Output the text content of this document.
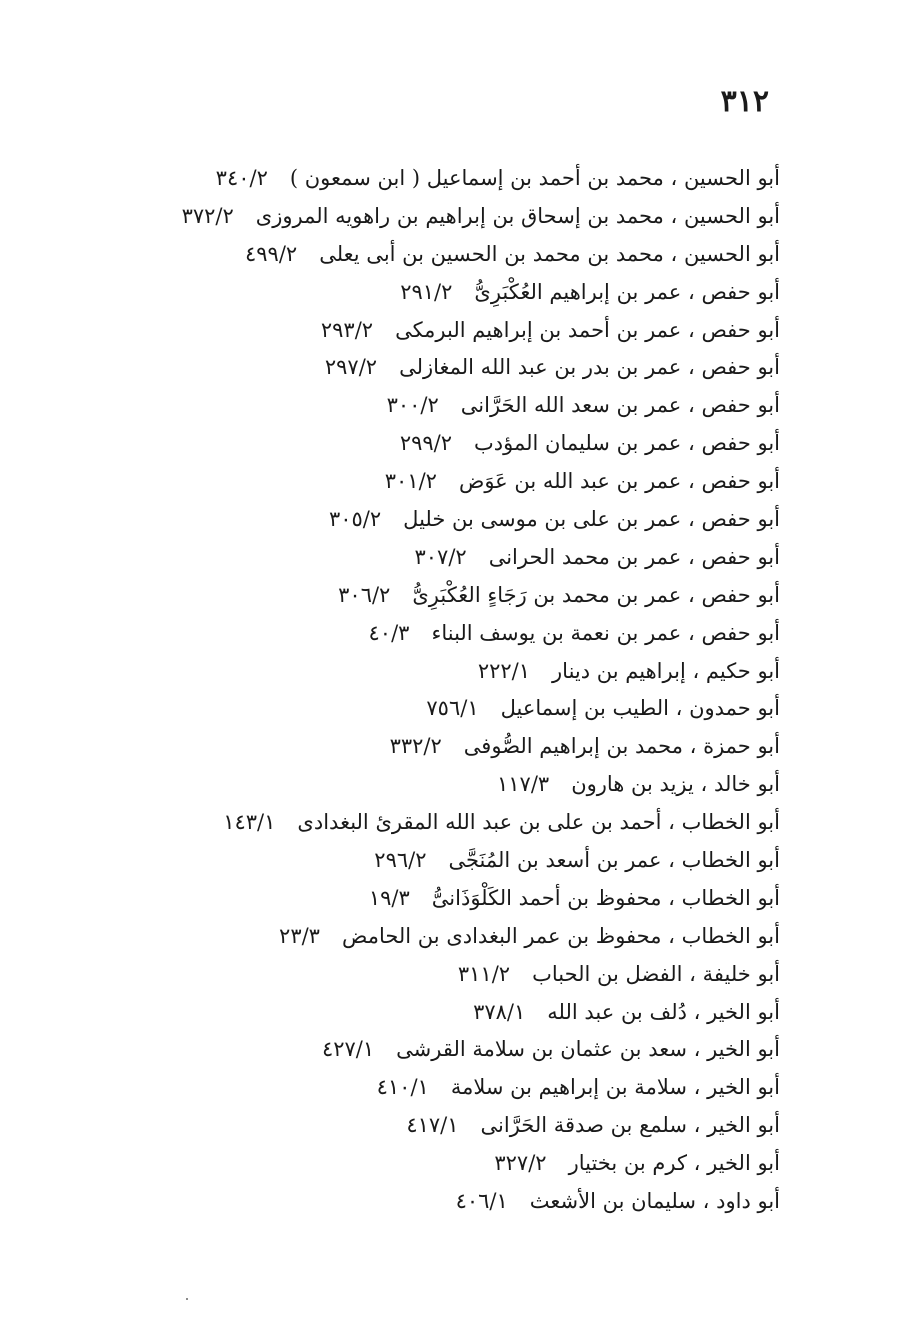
٣١٢
أبو الحسين ، محمد بن أحمد بن إسماعيل ( ابن سمعون )٣٤٠/٢
أبو الحسين ، محمد بن إسحاق بن إبراهيم بن راهويه المروزى٣٧٢/٢
أبو الحسين ، محمد بن محمد بن الحسين بن أبى يعلى٤٩٩/٢
أبو حفص ، عمر بن إبراهيم العُكْبَرِىُّ٢٩١/٢
أبو حفص ، عمر بن أحمد بن إبراهيم البرمكى٢٩٣/٢
أبو حفص ، عمر بن بدر بن عبد الله المغازلى٢٩٧/٢
أبو حفص ، عمر بن سعد الله الحَرَّانى٣٠٠/٢
أبو حفص ، عمر بن سليمان المؤدب٢٩٩/٢
أبو حفص ، عمر بن عبد الله بن عَوَض٣٠١/٢
أبو حفص ، عمر بن على بن موسى بن خليل٣٠٥/٢
أبو حفص ، عمر بن محمد الحرانى٣٠٧/٢
أبو حفص ، عمر بن محمد بن رَجَاءٍ العُكْبَرِىُّ٣٠٦/٢
أبو حفص ، عمر بن نعمة بن يوسف البناء٤٠/٣
أبو حكيم ، إبراهيم بن دينار٢٢٢/١
أبو حمدون ، الطيب بن إسماعيل٧٥٦/١
أبو حمزة ، محمد بن إبراهيم الصُّوفى٣٣٢/٢
أبو خالد ، يزيد بن هارون١١٧/٣
أبو الخطاب ، أحمد بن على بن عبد الله المقرئ البغدادى١٤٣/١
أبو الخطاب ، عمر بن أسعد بن المُنَجَّى٢٩٦/٢
أبو الخطاب ، محفوظ بن أحمد الكَلْوَذَانىُّ١٩/٣
أبو الخطاب ، محفوظ بن عمر البغدادى بن الحامض٢٣/٣
أبو خليفة ، الفضل بن الحباب٣١١/٢
أبو الخير ، دُلف بن عبد الله٣٧٨/١
أبو الخير ، سعد بن عثمان بن سلامة القرشى٤٢٧/١
أبو الخير ، سلامة بن إبراهيم بن سلامة٤١٠/١
أبو الخير ، سلمع بن صدقة الحَرَّانى٤١٧/١
أبو الخير ، كرم بن بختيار٣٢٧/٢
أبو داود ، سليمان بن الأشعث٤٠٦/١
